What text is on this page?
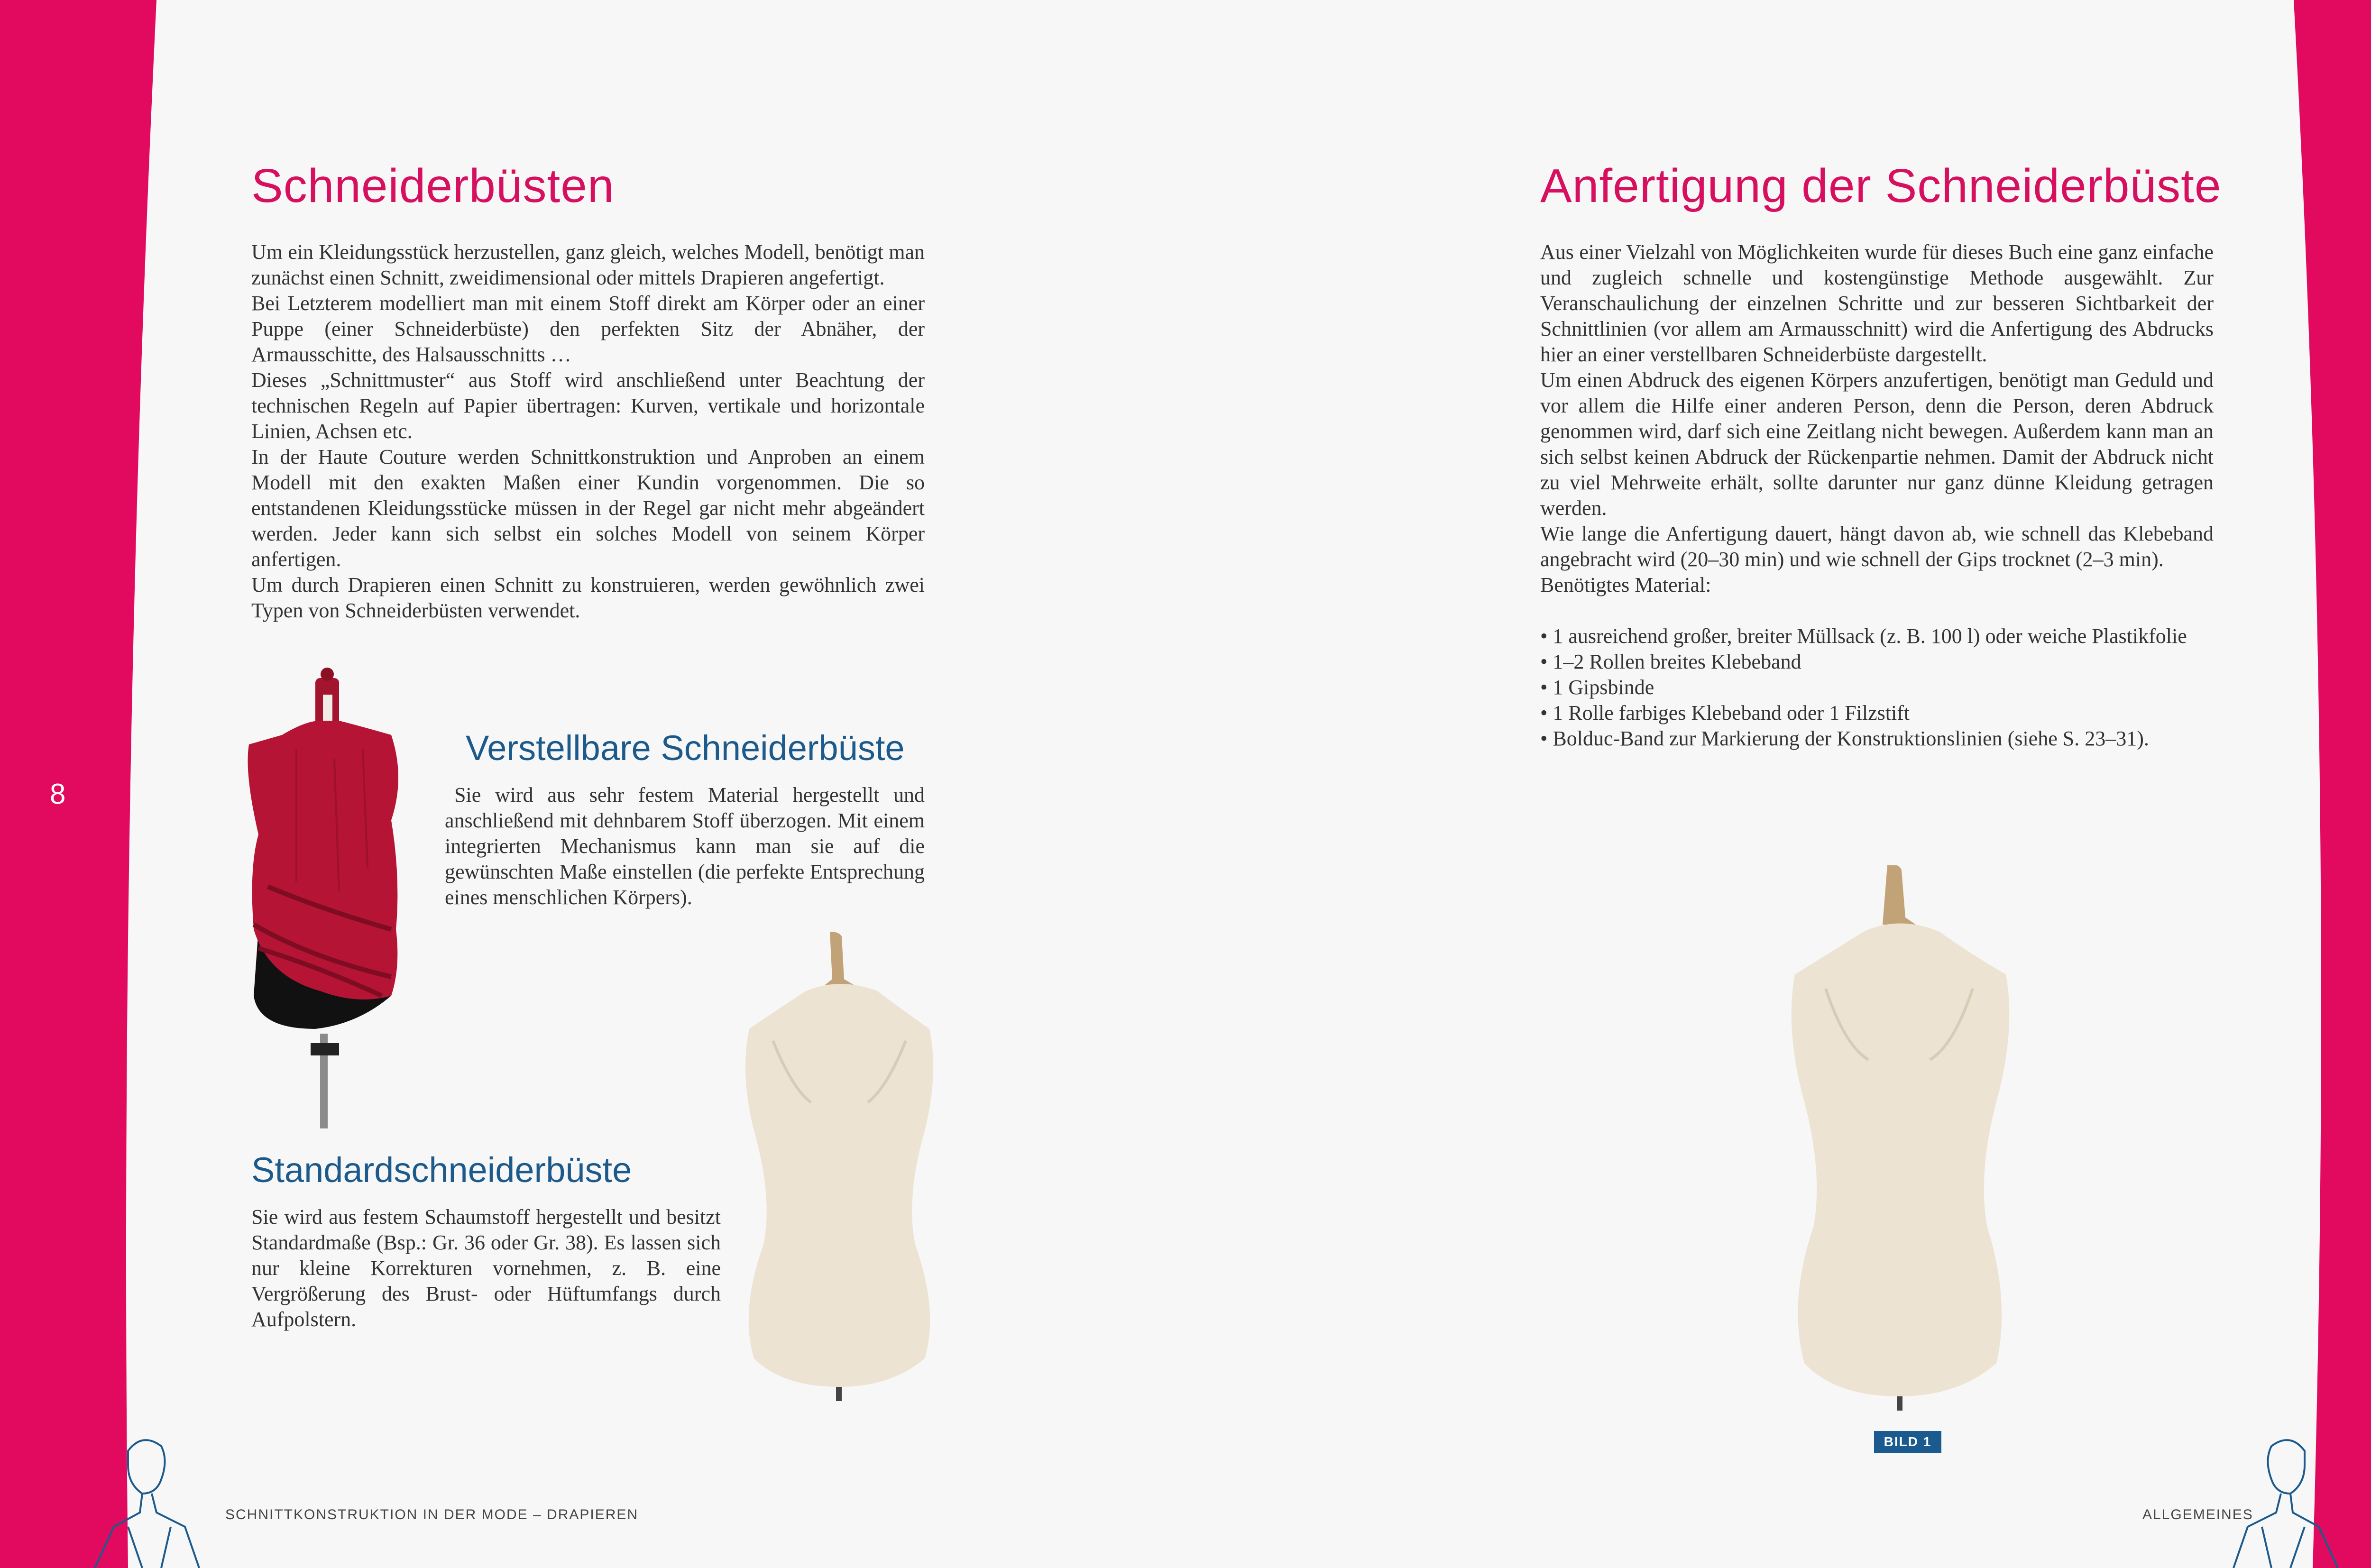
Schneiderbüsten

Um ein Kleidungsstück herzustellen, ganz gleich, welches Modell, benötigt man zunächst einen Schnitt, zweidimensional oder mittels Drapieren angefertigt.

Bei Letzterem modelliert man mit einem Stoff direkt am Körper oder an einer Puppe (einer Schneiderbüste) den perfekten Sitz der Abnäher, der Armausschitte, des Halsausschnitts …

Dieses „Schnittmuster“ aus Stoff wird anschließend unter Beachtung der technischen Regeln auf Papier übertragen: Kurven, vertikale und horizontale Linien, Achsen etc.

In der Haute Couture werden Schnittkonstruktion und Anproben an einem Modell mit den exakten Maßen einer Kundin vorgenommen. Die so entstandenen Kleidungsstücke müssen in der Regel gar nicht mehr abgeändert werden. Jeder kann sich selbst ein solches Modell von seinem Körper anfertigen.

Um durch Drapieren einen Schnitt zu konstruieren, werden gewöhnlich zwei Typen von Schneiderbüsten verwendet.

Verstellbare Schneiderbüste
Sie wird aus sehr festem Material hergestellt und anschließend mit dehnbarem Stoff überzogen. Mit einem integrierten Mechanismus kann man sie auf die gewünschten Maße einstellen (die perfekte Entsprechung eines menschlichen Körpers).
Standardschneiderbüste
Sie wird aus festem Schaumstoff hergestellt und besitzt Standardmaße (Bsp.: Gr. 36 oder Gr. 38). Es lassen sich nur kleine Korrekturen vornehmen, z. B. eine Vergrößerung des Brust- oder Hüftumfangs durch Aufpolstern.
8
SCHNITTKONSTRUKTION IN DER MODE – DRAPIEREN
Anfertigung der Schneiderbüste

Aus einer Vielzahl von Möglichkeiten wurde für dieses Buch eine ganz einfache und zugleich schnelle und kostengünstige Methode ausgewählt. Zur Veranschaulichung der einzelnen Schritte und zur besseren Sichtbarkeit der Schnittlinien (vor allem am Armausschnitt) wird die Anfertigung des Abdrucks hier an einer verstellbaren Schneiderbüste dargestellt.

Um einen Abdruck des eigenen Körpers anzufertigen, benötigt man Geduld und vor allem die Hilfe einer anderen Person, denn die Person, deren Abdruck genommen wird, darf sich eine Zeitlang nicht bewegen. Außerdem kann man an sich selbst keinen Abdruck der Rückenpartie nehmen. Damit der Abdruck nicht zu viel Mehrweite erhält, sollte darunter nur ganz dünne Kleidung getragen werden.

Wie lange die Anfertigung dauert, hängt davon ab, wie schnell das Klebeband angebracht wird (20–30 min) und wie schnell der Gips trocknet (2–3 min).

Benötigtes Material:

• 1 ausreichend großer, breiter Müllsack (z. B. 100 l) oder weiche Plastikfolie
• 1–2 Rollen breites Klebeband
• 1 Gipsbinde
• 1 Rolle farbiges Klebeband oder 1 Filzstift
• Bolduc-Band zur Markierung der Konstruktionslinien (siehe S. 23–31).
BILD 1
ALLGEMEINES
